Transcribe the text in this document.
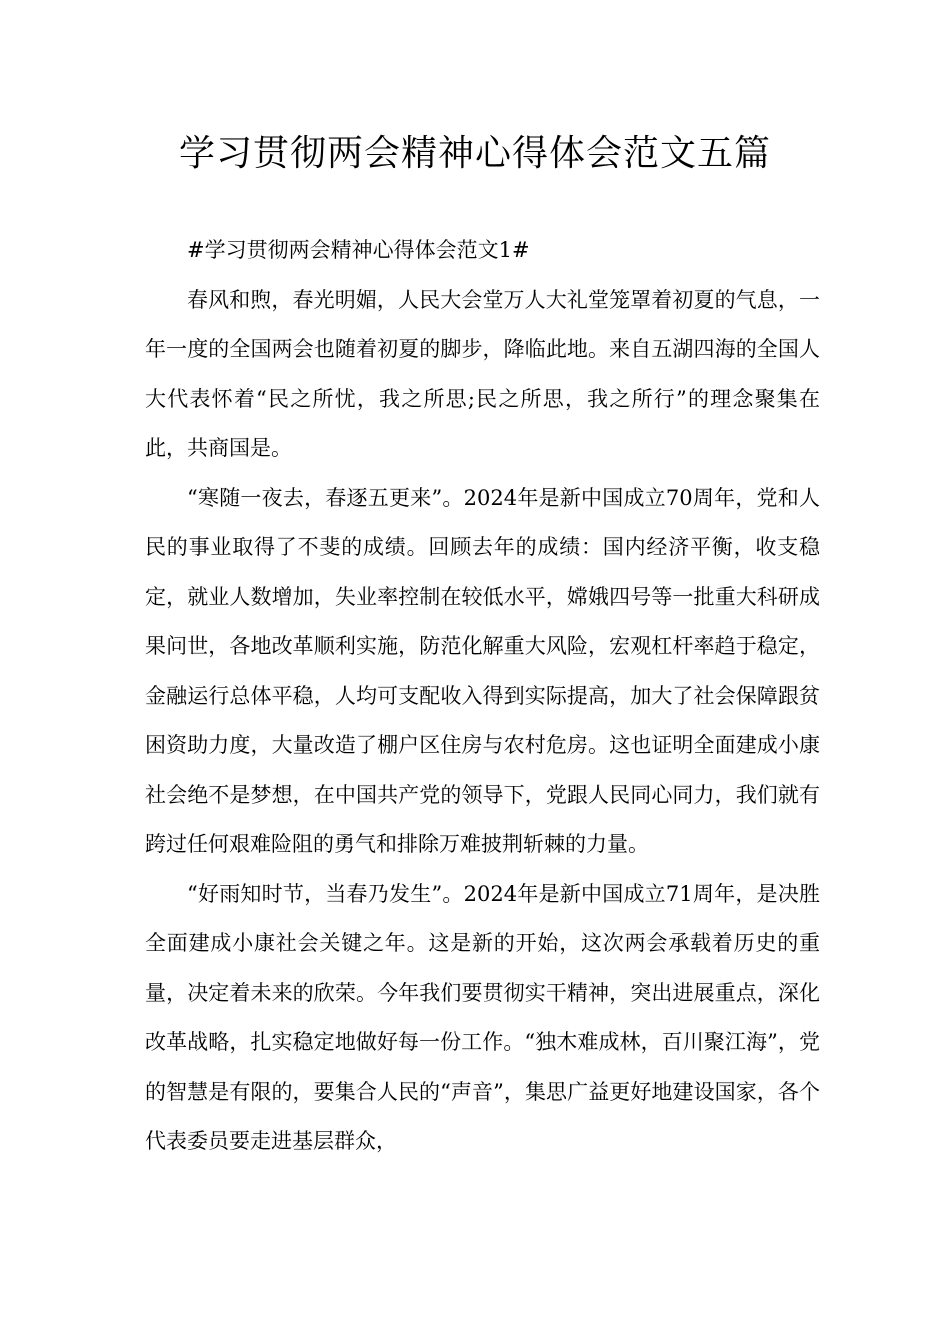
学习贯彻两会精神心得体会范文五篇

#学习贯彻两会精神心得体会范文1#

春风和煦，春光明媚，人民大会堂万人大礼堂笼罩着初夏的气息，一年一度的全国两会也随着初夏的脚步，降临此地。来自五湖四海的全国人大代表怀着“民之所忧，我之所思;民之所思，我之所行”的理念聚集在此，共商国是。

“寒随一夜去，春逐五更来”。2024年是新中国成立70周年，党和人民的事业取得了不斐的成绩。回顾去年的成绩：国内经济平衡，收支稳定，就业人数增加，失业率控制在较低水平，嫦娥四号等一批重大科研成果问世，各地改革顺利实施，防范化解重大风险，宏观杠杆率趋于稳定，金融运行总体平稳，人均可支配收入得到实际提高，加大了社会保障跟贫困资助力度，大量改造了棚户区住房与农村危房。这也证明全面建成小康社会绝不是梦想，在中国共产党的领导下，党跟人民同心同力，我们就有跨过任何艰难险阻的勇气和排除万难披荆斩棘的力量。

“好雨知时节，当春乃发生”。2024年是新中国成立71周年，是决胜全面建成小康社会关键之年。这是新的开始，这次两会承载着历史的重量，决定着未来的欣荣。今年我们要贯彻实干精神，突出进展重点，深化改革战略，扎实稳定地做好每一份工作。“独木难成林，百川聚江海”，党的智慧是有限的，要集合人民的“声音”，集思广益更好地建设国家，各个代表委员要走进基层群众，
